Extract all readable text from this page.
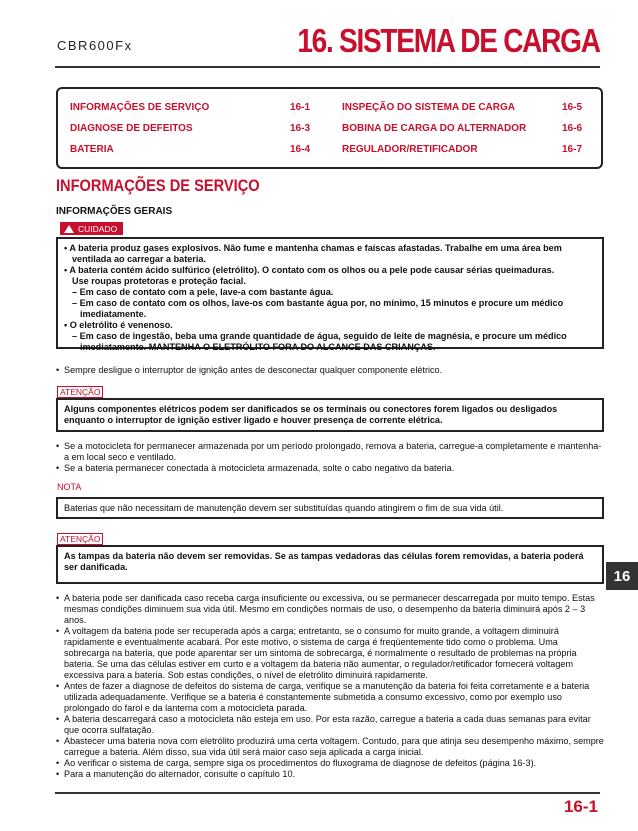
CBR600Fx	16. SISTEMA DE CARGA
INFORMAÇÕES DE SERVIÇO	16-1
DIAGNOSE DE DEFEITOS	16-3
BATERIA	16-4
INSPEÇÃO DO SISTEMA DE CARGA	16-5
BOBINA DE CARGA DO ALTERNADOR	16-6
REGULADOR/RETIFICADOR	16-7
INFORMAÇÕES DE SERVIÇO
INFORMAÇÕES GERAIS
CUIDADO
• A bateria produz gases explosivos. Não fume e mantenha chamas e faíscas afastadas. Trabalhe em uma área bem
ventilada ao carregar a bateria.
• A bateria contém ácido sulfúrico (eletrólito). O contato com os olhos ou a pele pode causar sérias queimaduras.
Use roupas protetoras e proteção facial.
– Em caso de contato com a pele, lave-a com bastante água.
– Em caso de contato com os olhos, lave-os com bastante água por, no mínimo, 15 minutos e procure um médico
imediatamente.
• O eletrólito é venenoso.
– Em caso de ingestão, beba uma grande quantidade de água, seguido de leite de magnésia, e procure um médico
imediatamente. MANTENHA O ELETRÓLITO FORA DO ALCANCE DAS CRIANÇAS.
• Sempre desligue o interruptor de ignição antes de desconectar qualquer componente elétrico.
ATENÇÃO
Alguns componentes elétricos podem ser danificados se os terminais ou conectores forem ligados ou desligados enquanto o interruptor de ignição estiver ligado e houver presença de corrente elétrica.
• Se a motocicleta for permanecer armazenada por um período prolongado, remova a bateria, carregue-a completamente e mantenha-a em local seco e ventilado.
• Se a bateria permanecer conectada à motocicleta armazenada, solte o cabo negativo da bateria.
NOTA
Baterias que não necessitam de manutenção devem ser substituídas quando atingirem o fim de sua vida útil.
ATENÇÃO
As tampas da bateria não devem ser removidas. Se as tampas vedadoras das células forem removidas, a bateria poderá ser danificada.
16
• A bateria pode ser danificada caso receba carga insuficiente ou excessiva, ou se permanecer descarregada por muito tempo. Estas mesmas condições diminuem sua vida útil. Mesmo em condições normais de uso, o desempenho da bateria diminuirá após 2 – 3 anos.
• A voltagem da bateria pode ser recuperada após a carga; entretanto, se o consumo for muito grande, a voltagem diminuirá rapidamente e eventualmente acabará. Por este motivo, o sistema de carga é freqüentemente tido como o problema. Uma sobrecarga na bateria, que pode aparentar ser um sintoma de sobrecarga, é normalmente o resultado de problemas na própria bateria. Se uma das células estiver em curto e a voltagem da bateria não aumentar, o regulador/retificador fornecerá voltagem excessiva para a bateria. Sob estas condições, o nível de eletrólito diminuirá rapidamente.
• Antes de fazer a diagnose de defeitos do sistema de carga, verifique se a manutenção da bateria foi feita corretamente e a bateria utilizada adequadamente. Verifique se a bateria é constantemente submetida a consumo excessivo, como por exemplo uso prolongado do farol e da lanterna com a motocicleta parada.
• A bateria descarregará caso a motocicleta não esteja em uso. Por esta razão, carregue a bateria a cada duas semanas para evitar que ocorra sulfatação.
• Abastecer uma bateria nova com eletrólito produzirá uma certa voltagem. Contudo, para que atinja seu desempenho máximo, sempre carregue a bateria. Além disso, sua vida útil será maior caso seja aplicada a carga inicial.
• Ao verificar o sistema de carga, sempre siga os procedimentos do fluxograma de diagnose de defeitos (página 16-3).
• Para a manutenção do alternador, consulte o capítulo 10.
16-1
